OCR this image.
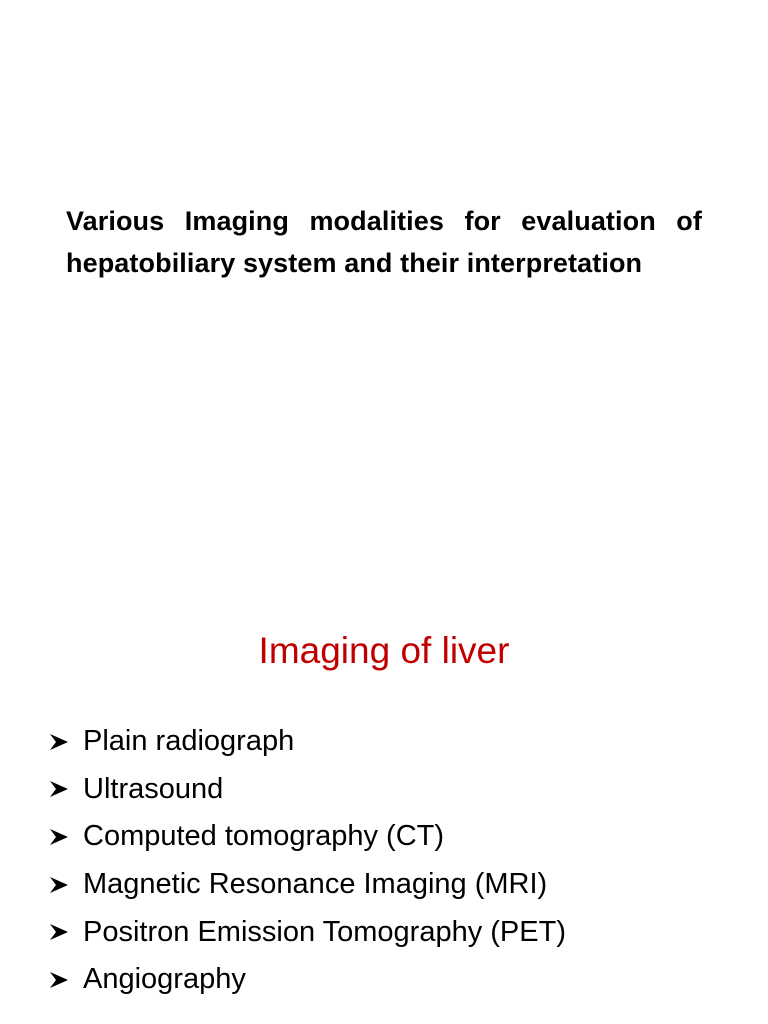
Various Imaging modalities for evaluation of hepatobiliary system and their interpretation

Imaging of liver
Plain radiograph
Ultrasound
Computed tomography (CT)
Magnetic Resonance Imaging (MRI)
Positron Emission Tomography (PET)
Angiography
